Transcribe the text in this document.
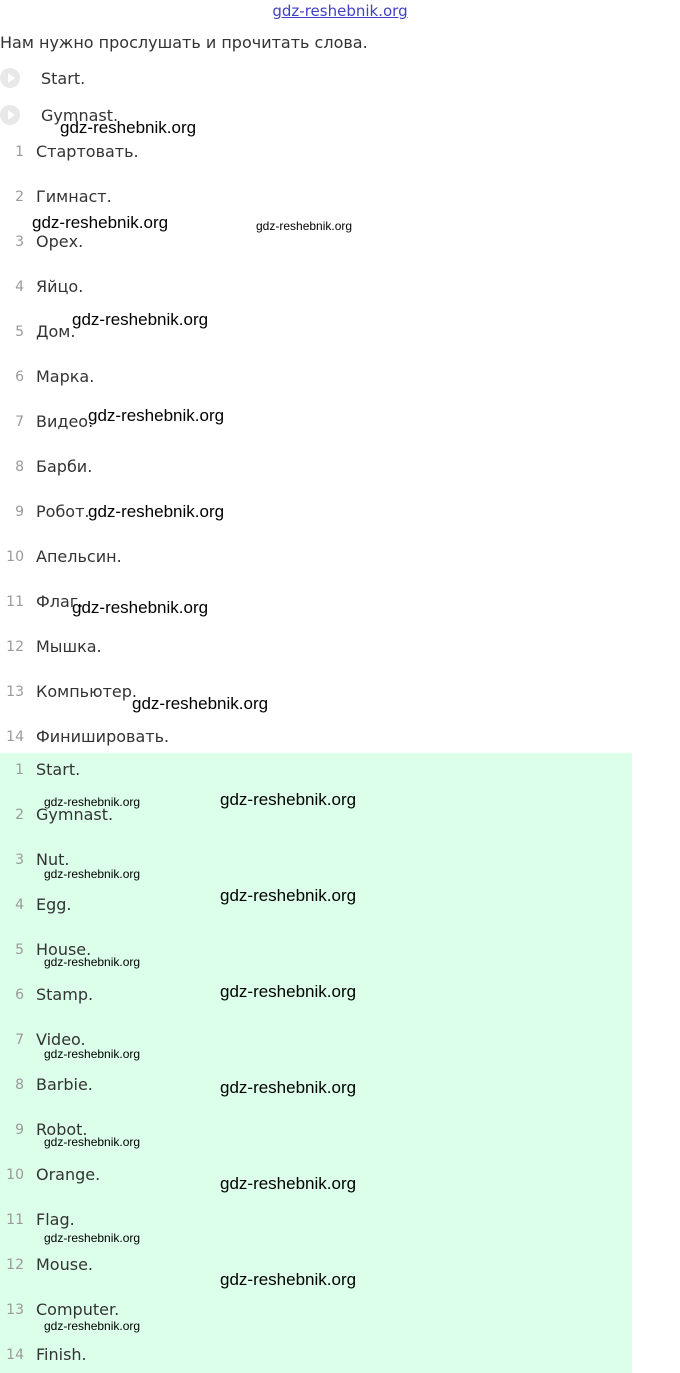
gdz-reshebnik.org
Нам нужно прослушать и прочитать слова.
Start.
Gymnast.
1 Стартовать.
2 Гимнаст.
3 Орех.
4 Яйцо.
5 Дом.
6 Марка.
7 Видео.
8 Барби.
9 Робот.
10 Апельсин.
11 Флаг.
12 Мышка.
13 Компьютер.
14 Финишировать.
1 Start.
2 Gymnast.
3 Nut.
4 Egg.
5 House.
6 Stamp.
7 Video.
8 Barbie.
9 Robot.
10 Orange.
11 Flag.
12 Mouse.
13 Computer.
14 Finish.
gdz-reshebnik.org
gdz-reshebnik.org	gdz-reshebnik.org
gdz-reshebnik.org
gdz-reshebnik.org
gdz-reshebnik.org
gdz-reshebnik.org
gdz-reshebnik.org
gdz-reshebnik.org	gdz-reshebnik.org
gdz-reshebnik.org
gdz-reshebnik.org
gdz-reshebnik.org
gdz-reshebnik.org
gdz-reshebnik.org
gdz-reshebnik.org
gdz-reshebnik.org
gdz-reshebnik.org
gdz-reshebnik.org
gdz-reshebnik.org
gdz-reshebnik.org
